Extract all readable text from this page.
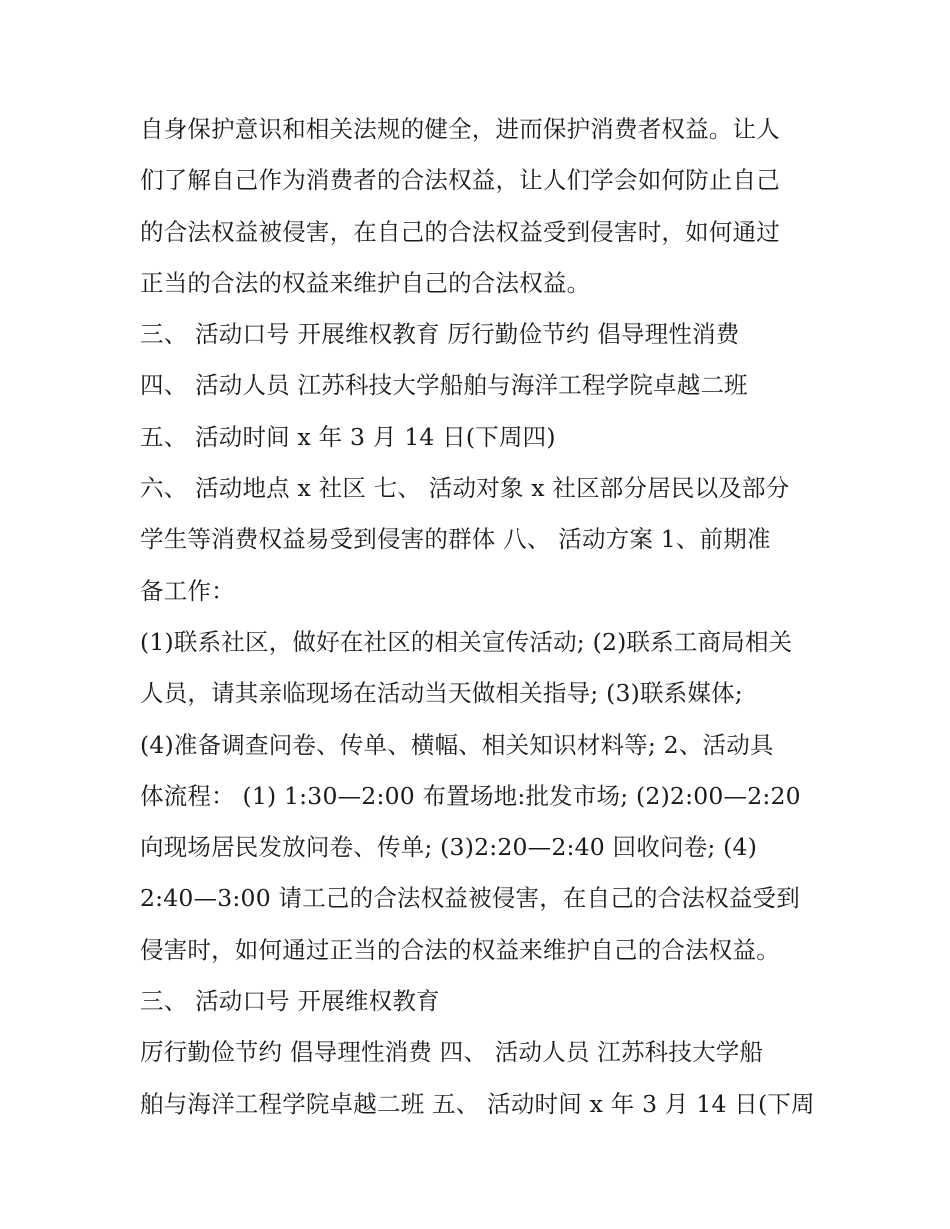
自身保护意识和相关法规的健全，进而保护消费者权益。让人
们了解自己作为消费者的合法权益，让人们学会如何防止自己
的合法权益被侵害，在自己的合法权益受到侵害时，如何通过
正当的合法的权益来维护自己的合法权益。
三、 活动口号 开展维权教育 厉行勤俭节约 倡导理性消费
四、 活动人员 江苏科技大学船舶与海洋工程学院卓越二班
五、 活动时间 x 年 3 月 14 日(下周四)
六、 活动地点 x 社区 七、 活动对象 x 社区部分居民以及部分
学生等消费权益易受到侵害的群体 八、 活动方案 1、前期准
备工作：
(1)联系社区，做好在社区的相关宣传活动; (2)联系工商局相关
人员，请其亲临现场在活动当天做相关指导; (3)联系媒体;
(4)准备调查问卷、传单、横幅、相关知识材料等; 2、活动具
体流程： (1) 1:30—2:00 布置场地:批发市场; (2)2:00—2:20
向现场居民发放问卷、传单; (3)2:20—2:40 回收问卷; (4)
2:40—3:00 请工己的合法权益被侵害，在自己的合法权益受到
侵害时，如何通过正当的合法的权益来维护自己的合法权益。
三、 活动口号 开展维权教育
厉行勤俭节约 倡导理性消费 四、 活动人员 江苏科技大学船
舶与海洋工程学院卓越二班 五、 活动时间 x 年 3 月 14 日(下周
